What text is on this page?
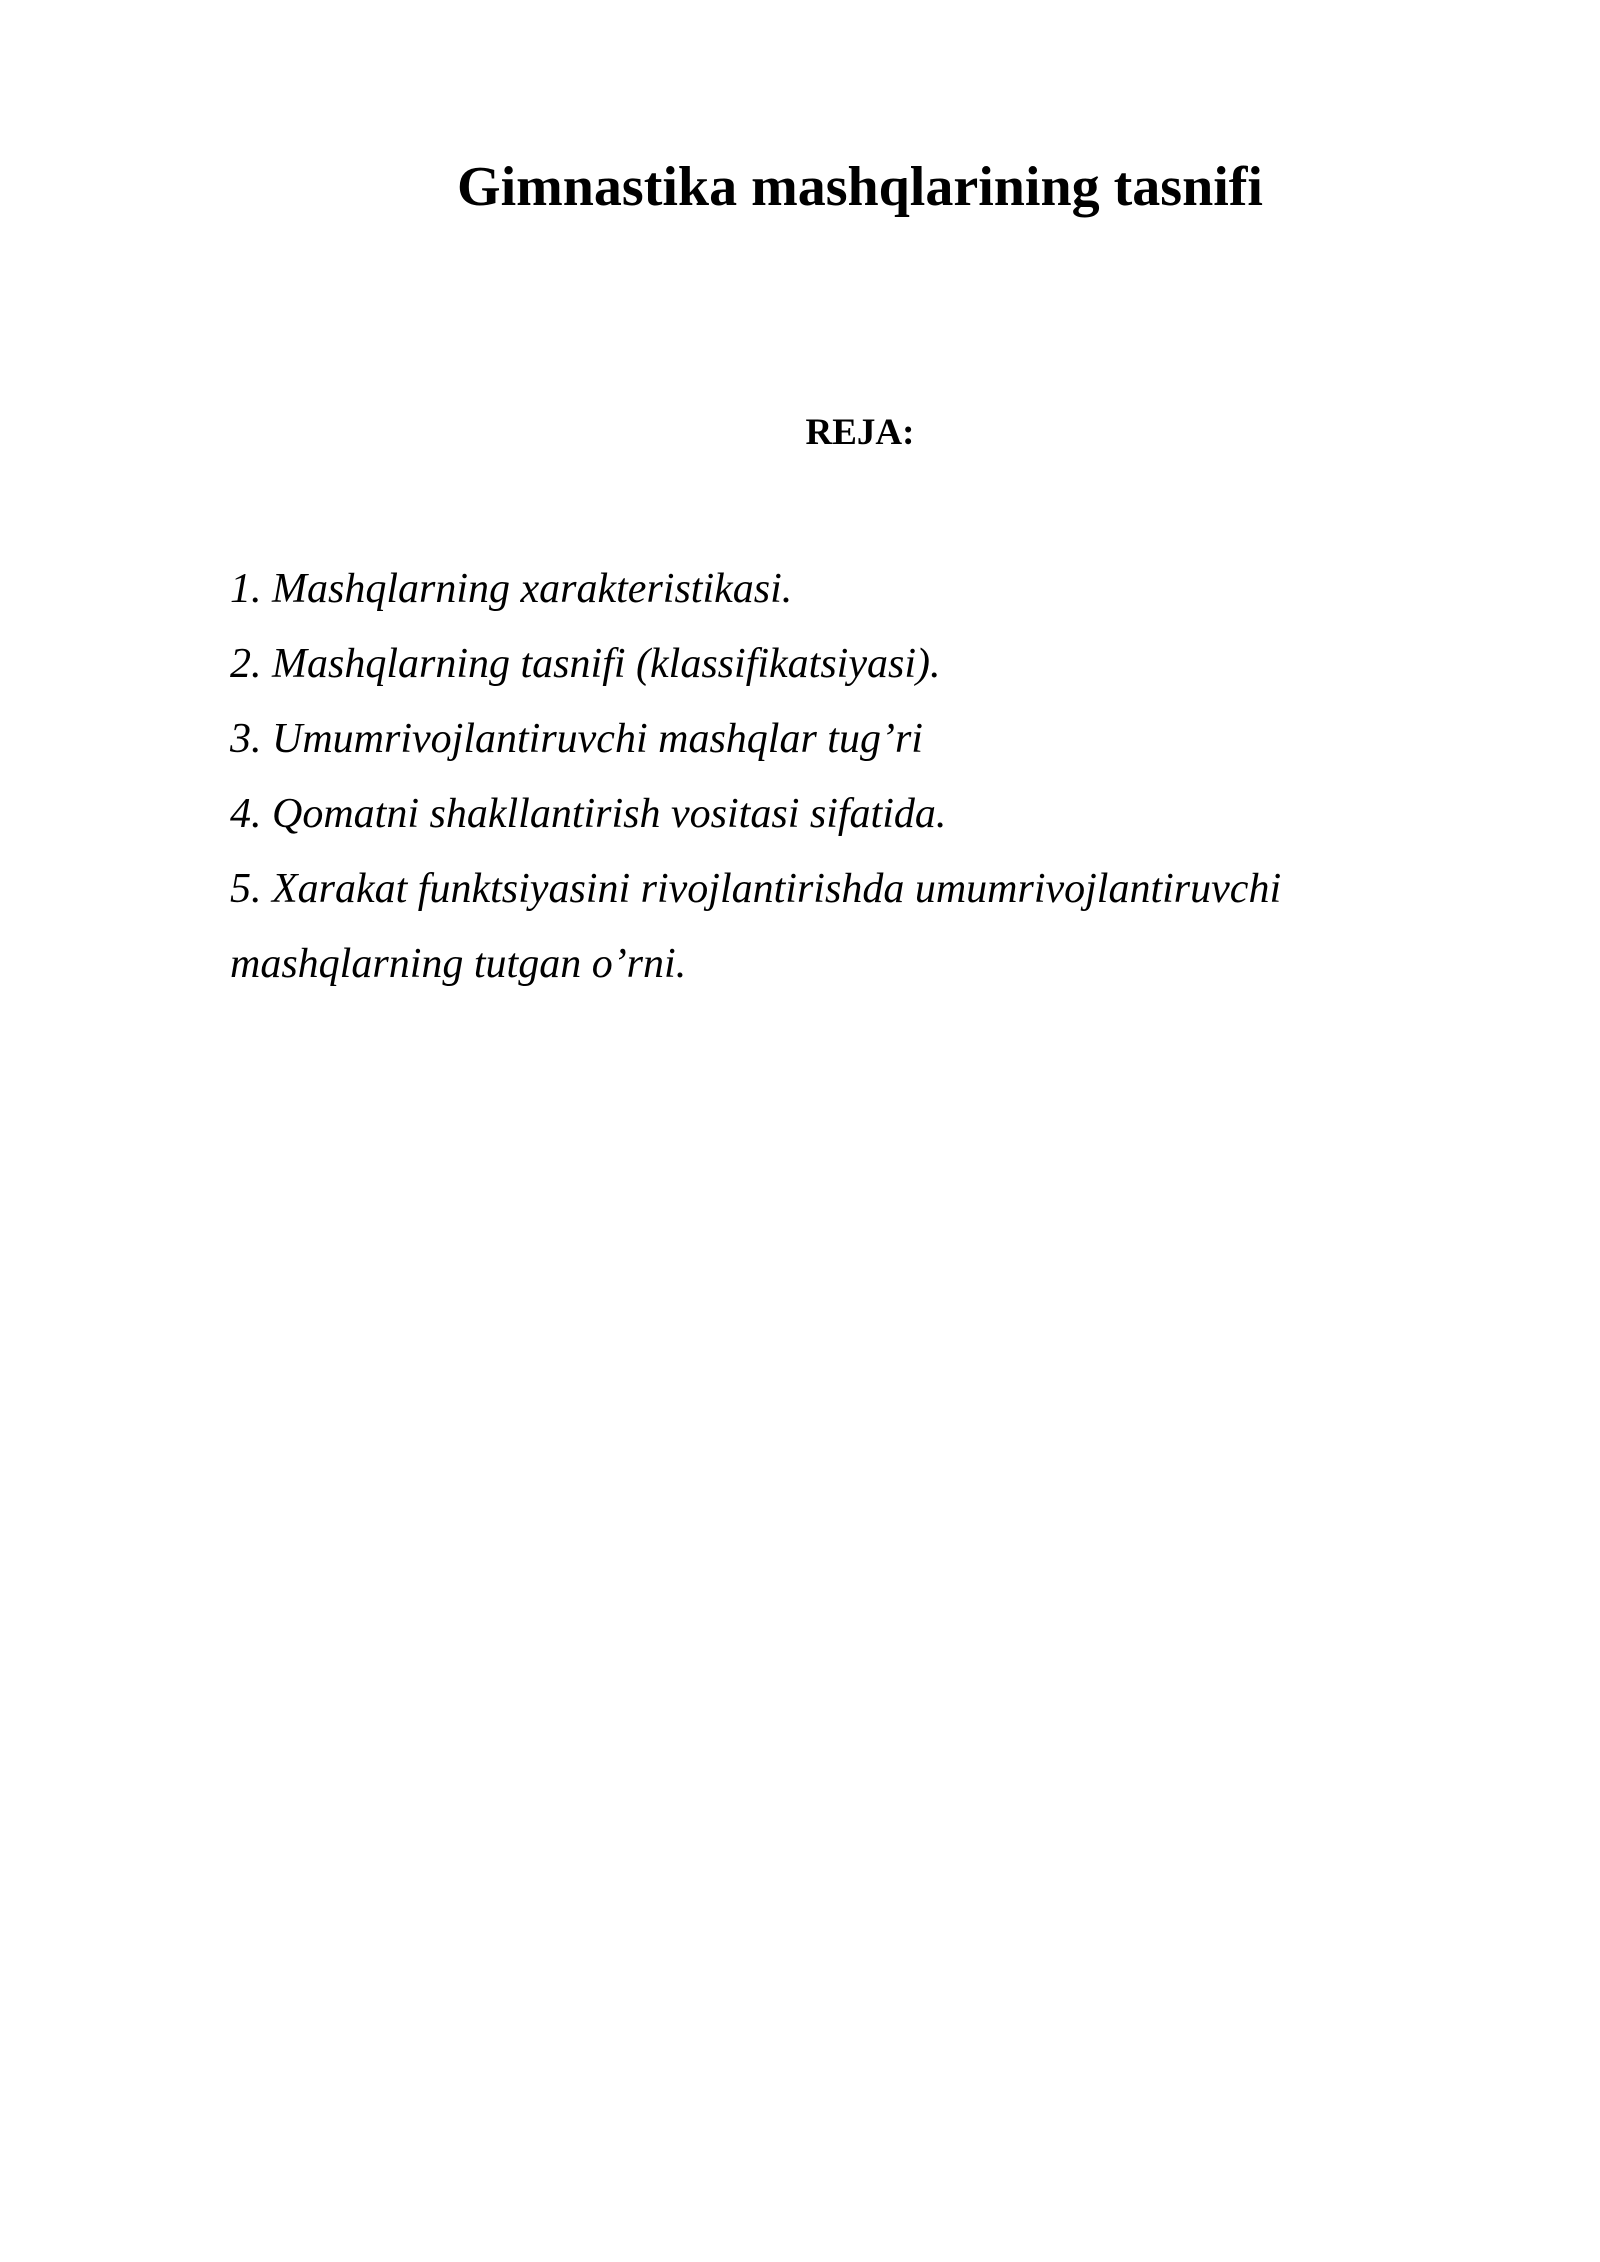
Gimnastika mashqlarining tasnifi
REJA:
1. Mashqlarning xarakteristikasi.
2. Mashqlarning tasnifi (klassifikatsiyasi).
3. Umumrivojlantiruvchi mashqlar tug’ri
4. Qomatni shakllantirish vositasi sifatida.
5. Xarakat funktsiyasini rivojlantirishda umumrivojlantiruvchi
mashqlarning tutgan o’rni.
